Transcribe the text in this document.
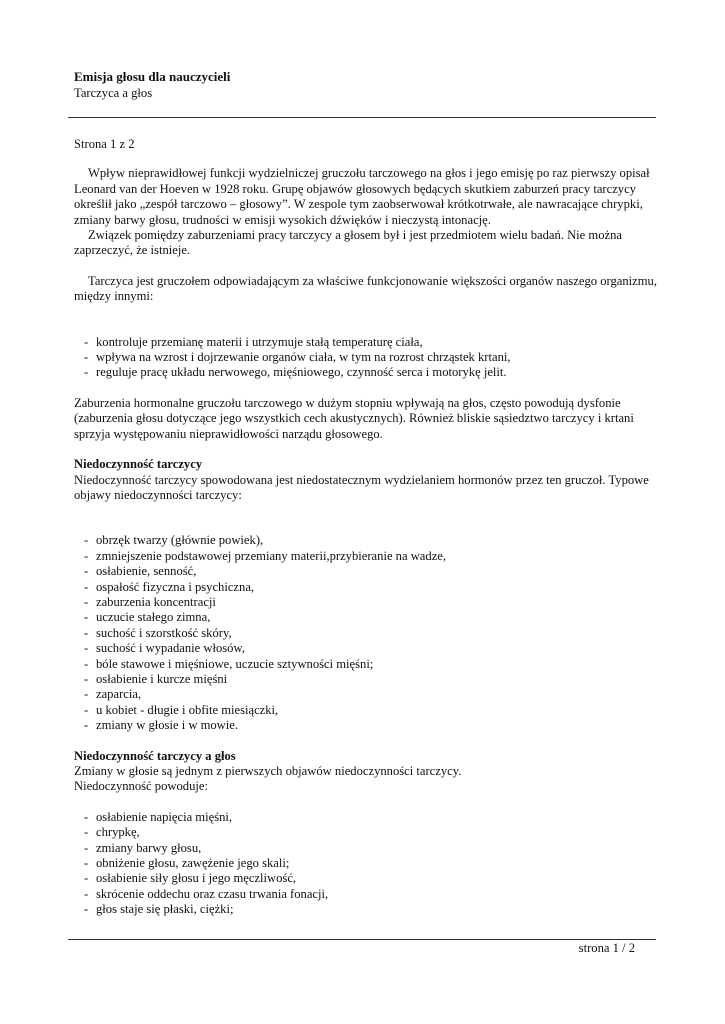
Emisja głosu dla nauczycieli
Tarczyca a głos

Strona 1 z 2

Wpływ nieprawidłowej funkcji wydzielniczej gruczołu tarczowego na głos i jego emisję po raz pierwszy opisał Leonard van der Hoeven w 1928 roku. Grupę objawów głosowych będących skutkiem zaburzeń pracy tarczycy określił jako „zespół tarczowo – głosowy”. W zespole tym zaobserwował krótkotrwałe, ale nawracające chrypki, zmiany barwy głosu, trudności w emisji wysokich dźwięków i nieczystą intonację.

Związek pomiędzy zaburzeniami pracy tarczycy a głosem był i jest przedmiotem wielu badań. Nie można zaprzeczyć, że istnieje.

Tarczyca jest gruczołem odpowiadającym za właściwe funkcjonowanie większości organów naszego organizmu, między innymi:

- kontroluje przemianę materii i utrzymuje stałą temperaturę ciała,
- wpływa na wzrost i dojrzewanie organów ciała, w tym na rozrost chrząstek krtani,
- reguluje pracę układu nerwowego, mięśniowego, czynność serca i motorykę jelit.

Zaburzenia hormonalne gruczołu tarczowego w dużym stopniu wpływają na głos, często powodują dysfonie (zaburzenia głosu dotyczące jego wszystkich cech akustycznych). Również bliskie sąsiedztwo tarczycy i krtani sprzyja występowaniu nieprawidłowości narządu głosowego.

Niedoczynność tarczycy

Niedoczynność tarczycy spowodowana jest niedostatecznym wydzielaniem hormonów przez ten gruczoł. Typowe objawy niedoczynności tarczycy:

- obrzęk twarzy (głównie powiek),
- zmniejszenie podstawowej przemiany materii,przybieranie na wadze,
- osłabienie, senność,
- ospałość fizyczna i psychiczna,
- zaburzenia koncentracji
- uczucie stałego zimna,
- suchość i szorstkość skóry,
- suchość i wypadanie włosów,
- bóle stawowe i mięśniowe, uczucie sztywności mięśni;
- osłabienie i kurcze mięśni
- zaparcia,
- u kobiet - długie i obfite miesiączki,
- zmiany w głosie i w mowie.

Niedoczynność tarczycy a głos

Zmiany w głosie są jednym z pierwszych objawów niedoczynności tarczycy.

Niedoczynność powoduje:

- osłabienie napięcia mięśni,
- chrypkę,
- zmiany barwy głosu,
- obniżenie głosu, zawężenie jego skali;
- osłabienie siły głosu i jego męczliwość,
- skrócenie oddechu oraz czasu trwania fonacji,
- głos staje się płaski, ciężki;
strona 1 / 2
